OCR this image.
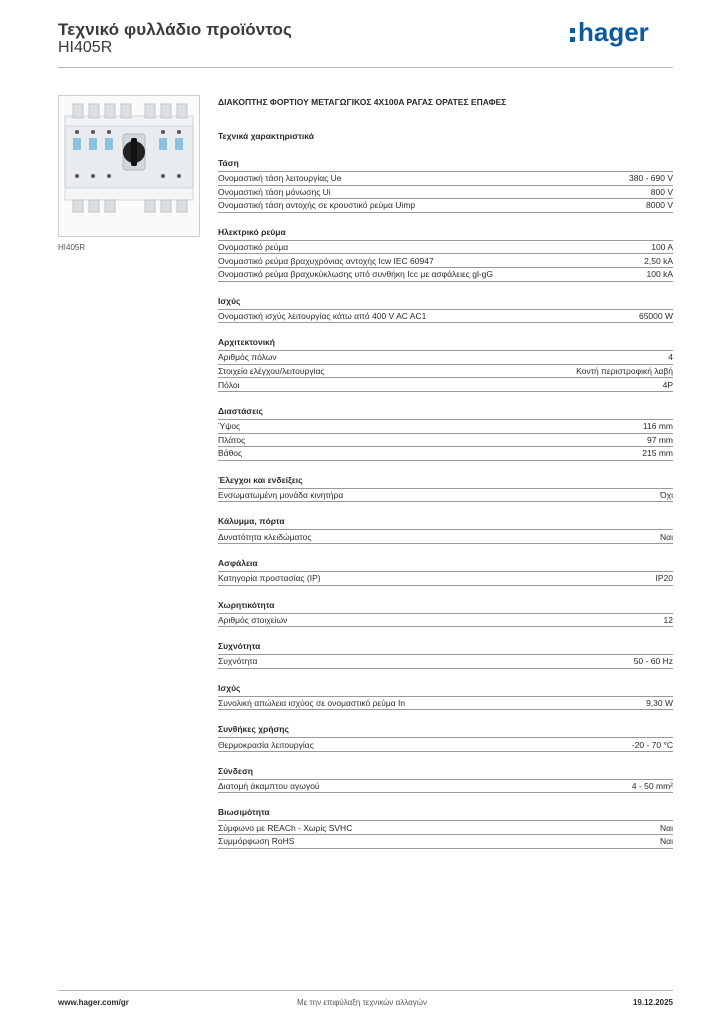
Τεχνικό φυλλάδιο προϊόντος
HI405R
hager
HI405R
ΔΙΑΚΟΠΤΗΣ ΦΟΡΤΙΟΥ ΜΕΤΑΓΩΓΙΚΟΣ 4X100A ΡΑΓΑΣ ΟΡΑΤΕΣ ΕΠΑΦΕΣ
Τεχνικά χαρακτηριστικά
Τάση
Ονομαστική τάση λειτουργίας Ue	380 - 690 V
Ονομαστική τάση μόνωσης Ui	800 V
Ονομαστική τάση αντοχής σε κρουστικό ρεύμα Uimp	8000 V
Ηλεκτρικό ρεύμα
Ονομαστικό ρεύμα	100 A
Ονομαστικό ρεύμα βραχυχρόνιας αντοχής Icw IEC 60947	2,50 kA
Ονομαστικό ρεύμα βραχυκύκλωσης υπό συνθήκη Icc με ασφάλειες gl-gG	100 kA
Ισχύς
Ονομαστική ισχύς λειτουργίας κάτω από 400 V AC AC1	65000 W
Αρχιτεκτονική
Αριθμός πόλων	4
Στοιχείο ελέγχου/λειτουργίας	Κοντή περιστροφική λαβή
Πόλοι	4P
Διαστάσεις
Ύψος	116 mm
Πλάτος	97 mm
Βάθος	215 mm
Έλεγχοι και ενδείξεις
Ενσωματωμένη μονάδα κινητήρα	Όχι
Κάλυμμα, πόρτα
Δυνατότητα κλειδώματος	Ναι
Ασφάλεια
Κατηγορία προστασίας (IP)	IP20
Χωρητικότητα
Αριθμός στοιχείων	12
Συχνότητα
Συχνότητα	50 - 60 Hz
Ισχύς
Συνολική απώλεια ισχύος σε ονομαστικό ρεύμα In	9,30 W
Συνθήκες χρήσης
Θερμοκρασία λειτουργίας	-20 - 70 °C
Σύνδεση
Διατομή άκαμπτου αγωγού	4 - 50 mm²
Βιωσιμότητα
Σύμφωνο με REACh - Χωρίς SVHC	Ναι
Συμμόρφωση RoHS	Ναι
www.hager.com/gr	Με την επιφύλαξη τεχνικών αλλαγών	19.12.2025
